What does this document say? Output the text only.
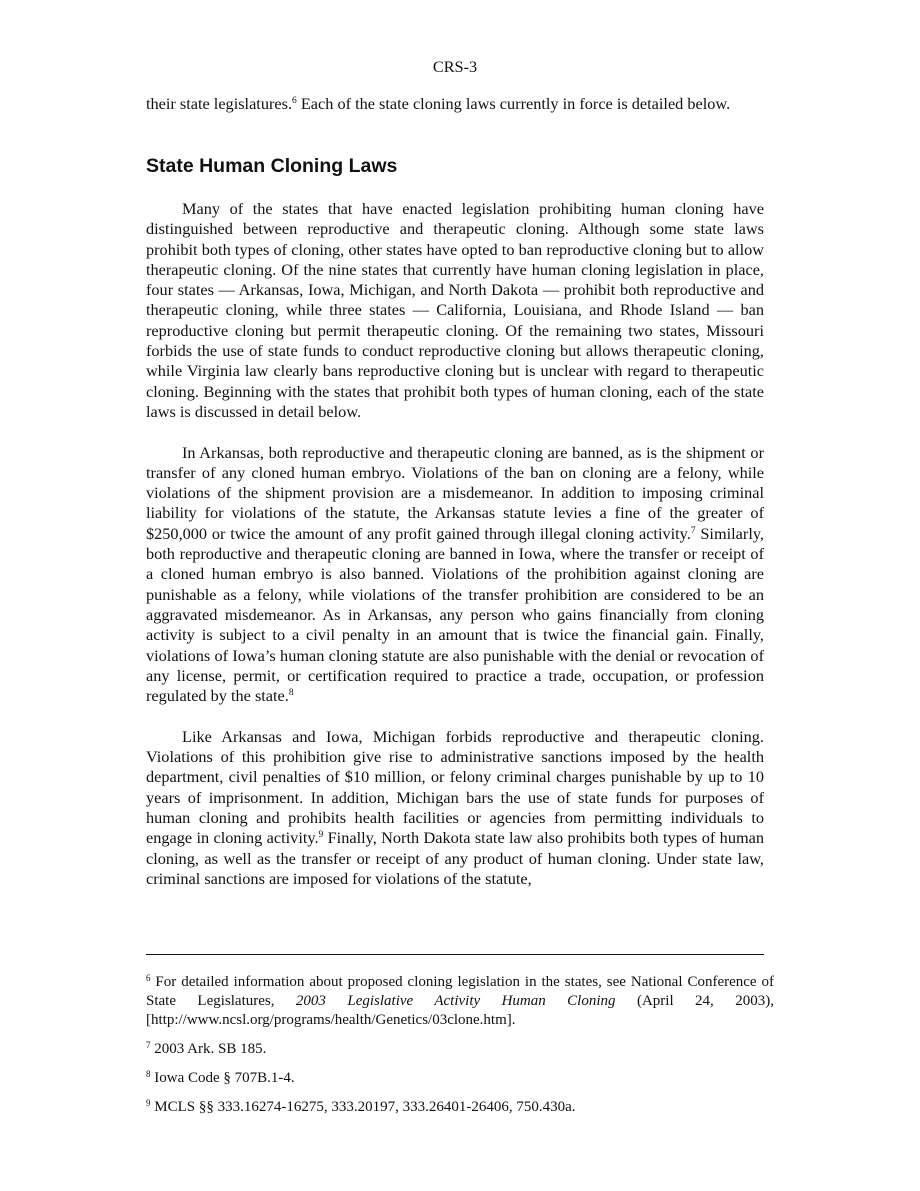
CRS-3

their state legislatures.$^6$ Each of the state cloning laws currently in force is detailed below.

State Human Cloning Laws

Many of the states that have enacted legislation prohibiting human cloning have distinguished between reproductive and therapeutic cloning. Although some state laws prohibit both types of cloning, other states have opted to ban reproductive cloning but to allow therapeutic cloning. Of the nine states that currently have human cloning legislation in place, four states — Arkansas, Iowa, Michigan, and North Dakota — prohibit both reproductive and therapeutic cloning, while three states — California, Louisiana, and Rhode Island — ban reproductive cloning but permit therapeutic cloning. Of the remaining two states, Missouri forbids the use of state funds to conduct reproductive cloning but allows therapeutic cloning, while Virginia law clearly bans reproductive cloning but is unclear with regard to therapeutic cloning. Beginning with the states that prohibit both types of human cloning, each of the state laws is discussed in detail below.

In Arkansas, both reproductive and therapeutic cloning are banned, as is the shipment or transfer of any cloned human embryo. Violations of the ban on cloning are a felony, while violations of the shipment provision are a misdemeanor. In addition to imposing criminal liability for violations of the statute, the Arkansas statute levies a fine of the greater of $250,000 or twice the amount of any profit gained through illegal cloning activity.$^7$ Similarly, both reproductive and therapeutic cloning are banned in Iowa, where the transfer or receipt of a cloned human embryo is also banned. Violations of the prohibition against cloning are punishable as a felony, while violations of the transfer prohibition are considered to be an aggravated misdemeanor. As in Arkansas, any person who gains financially from cloning activity is subject to a civil penalty in an amount that is twice the financial gain. Finally, violations of Iowa’s human cloning statute are also punishable with the denial or revocation of any license, permit, or certification required to practice a trade, occupation, or profession regulated by the state.$^8$

Like Arkansas and Iowa, Michigan forbids reproductive and therapeutic cloning. Violations of this prohibition give rise to administrative sanctions imposed by the health department, civil penalties of $10 million, or felony criminal charges punishable by up to 10 years of imprisonment. In addition, Michigan bars the use of state funds for purposes of human cloning and prohibits health facilities or agencies from permitting individuals to engage in cloning activity.$^9$ Finally, North Dakota state law also prohibits both types of human cloning, as well as the transfer or receipt of any product of human cloning. Under state law, criminal sanctions are imposed for violations of the statute,

$^6$ For detailed information about proposed cloning legislation in the states, see National Conference of State Legislatures, 2003 Legislative Activity Human Cloning (April 24, 2003), [http://www.ncsl.org/programs/health/Genetics/03clone.htm].

$^7$ 2003 Ark. SB 185.

$^8$ Iowa Code § 707B.1-4.

$^9$ MCLS §§ 333.16274-16275, 333.20197, 333.26401-26406, 750.430a.
